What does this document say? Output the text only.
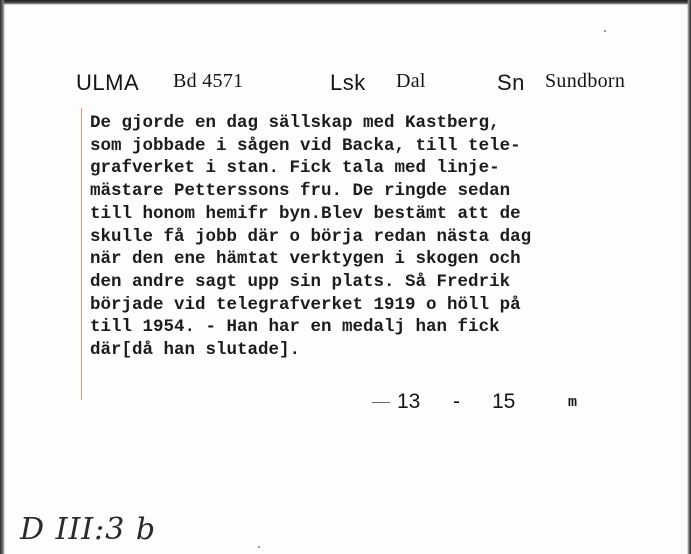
ULMA Bd 4571	Lsk Dal	Sn Sundborn
De gjorde en dag sällskap med Kastberg,
som jobbade i sågen vid Backa, till tele-
grafverket i stan. Fick tala med linje-
mästare Petterssons fru. De ringde sedan
till honom hemifr byn.Blev bestämt att de
skulle få jobb där o börja redan nästa dag
när den ene hämtat verktygen i skogen och
den andre sagt upp sin plats. Så Fredrik
började vid telegrafverket 1919 o höll på
till 1954. - Han har en medalj han fick
där[då han slutade].
13 - 15	m
D III:3 b
